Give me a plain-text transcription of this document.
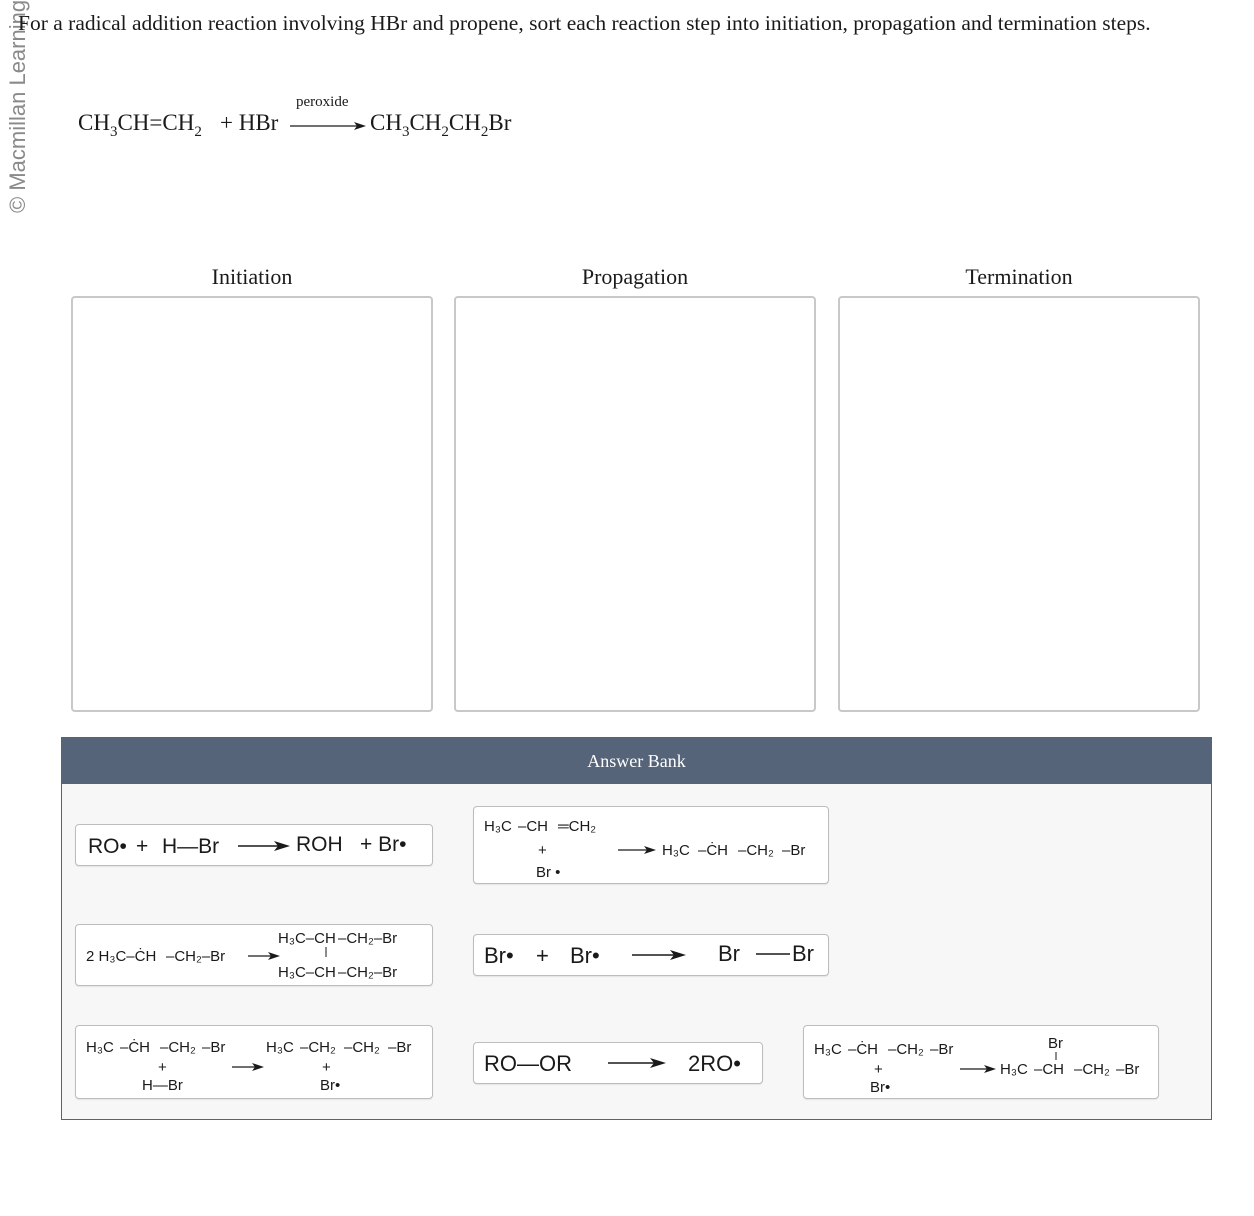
© Macmillan Learning
For a radical addition reaction involving HBr and propene, sort each reaction step into initiation, propagation and termination steps.
$CH_3CH=CH_2$ + HBr
peroxide
→ $CH_3CH_2CH_2Br$
Initiation	Propagation	Termination
Answer Bank
RO• + H—Br	ROH + Br•
H₃C –CH ═CH₂
+
Br •
H₃C –ĊH –CH₂ –Br
2 H₃C–ĊH –CH₂–Br
H₃C–CH –CH₂–Br
H₃C–CH –CH₂–Br
Br• + Br•	Br Br
H₃C –ĊH –CH₂ –Br
+
H—Br
H₃C –CH₂ –CH₂ –Br
+
Br•
RO—OR	2RO•
H₃C –ĊH –CH₂ –Br
+
Br•
Br
H₃C –CH –CH₂ –Br
